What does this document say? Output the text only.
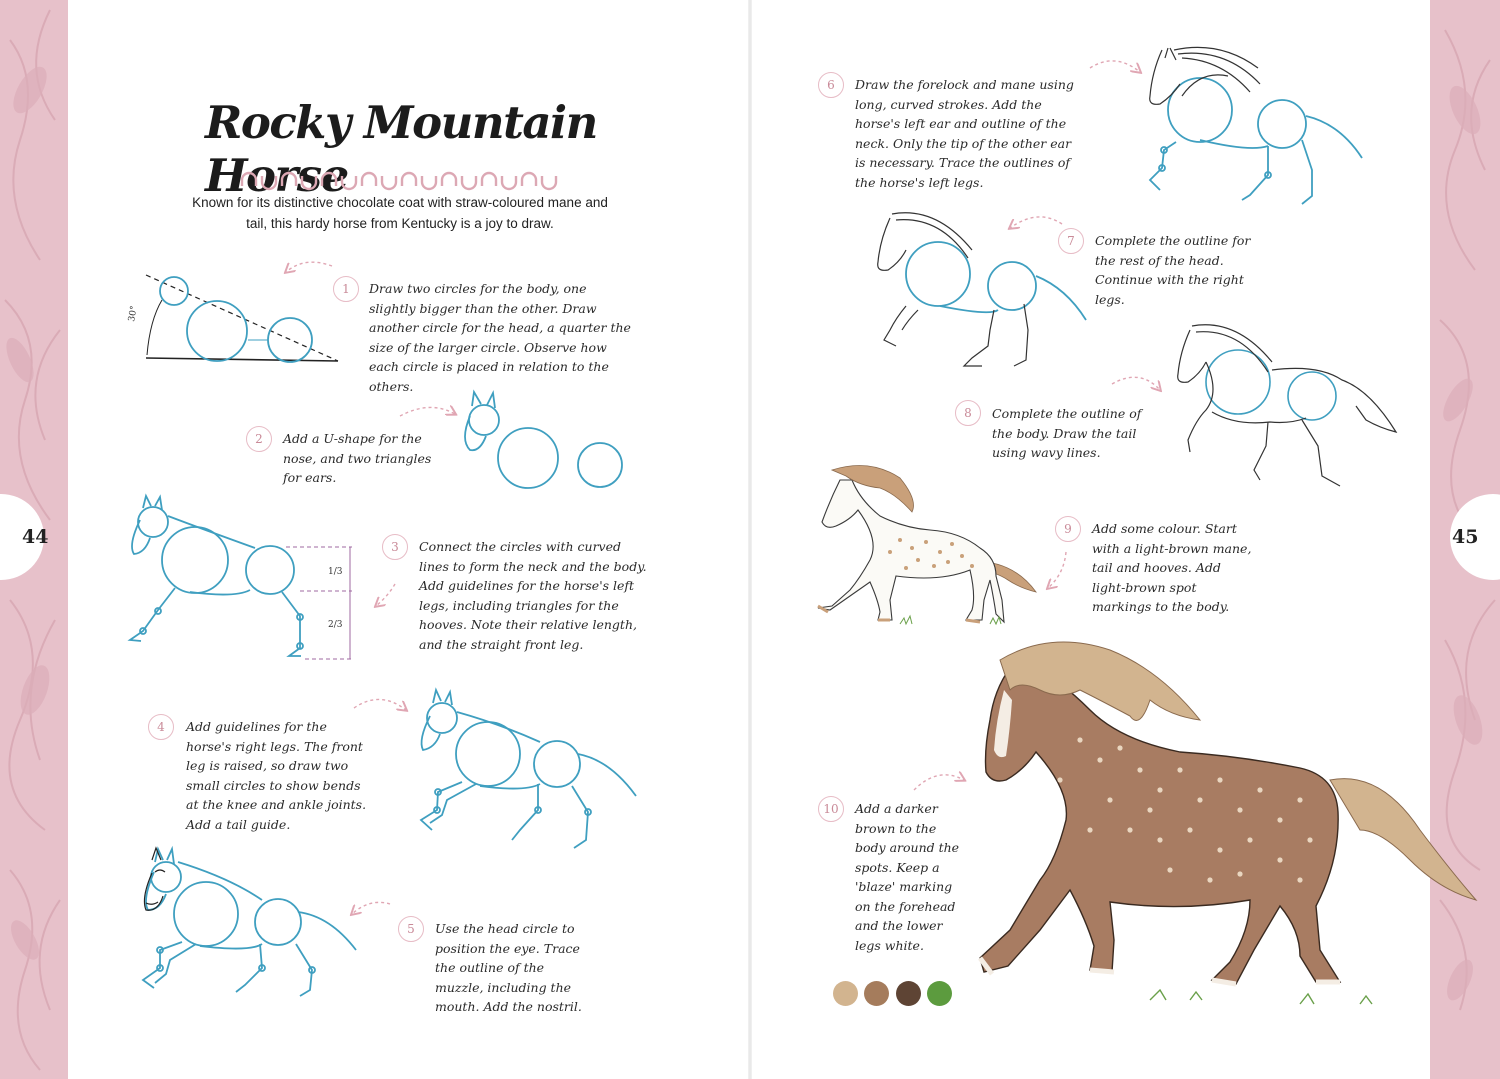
44	45
Rocky Mountain Horse
Known for its distinctive chocolate coat with straw-coloured mane and tail, this hardy horse from Kentucky is a joy to draw.
30°
1/3
2/3
1
2
3
4
5
6
7
8
9
10
Draw two circles for the body, one slightly bigger than the other. Draw another circle for the head, a quarter the size of the larger circle. Observe how each circle is placed in relation to the others.
Add a U-shape for the nose, and two triangles for ears.
Connect the circles with curved lines to form the neck and the body. Add guidelines for the horse's left legs, including triangles for the hooves. Note their relative length, and the straight front leg.
Add guidelines for the horse's right legs. The front leg is raised, so draw two small circles to show bends at the knee and ankle joints. Add a tail guide.
Use the head circle to position the eye. Trace the outline of the muzzle, including the mouth. Add the nostril.
Draw the forelock and mane using long, curved strokes. Add the horse's left ear and outline of the neck. Only the tip of the other ear is necessary. Trace the outlines of the horse's left legs.
Complete the outline for the rest of the head. Continue with the right legs.
Complete the outline of the body. Draw the tail using wavy lines.
Add some colour. Start with a light-brown mane, tail and hooves. Add light-brown spot markings to the body.
Add a darker brown to the body around the spots. Keep a 'blaze' marking on the forehead and the lower legs white.
